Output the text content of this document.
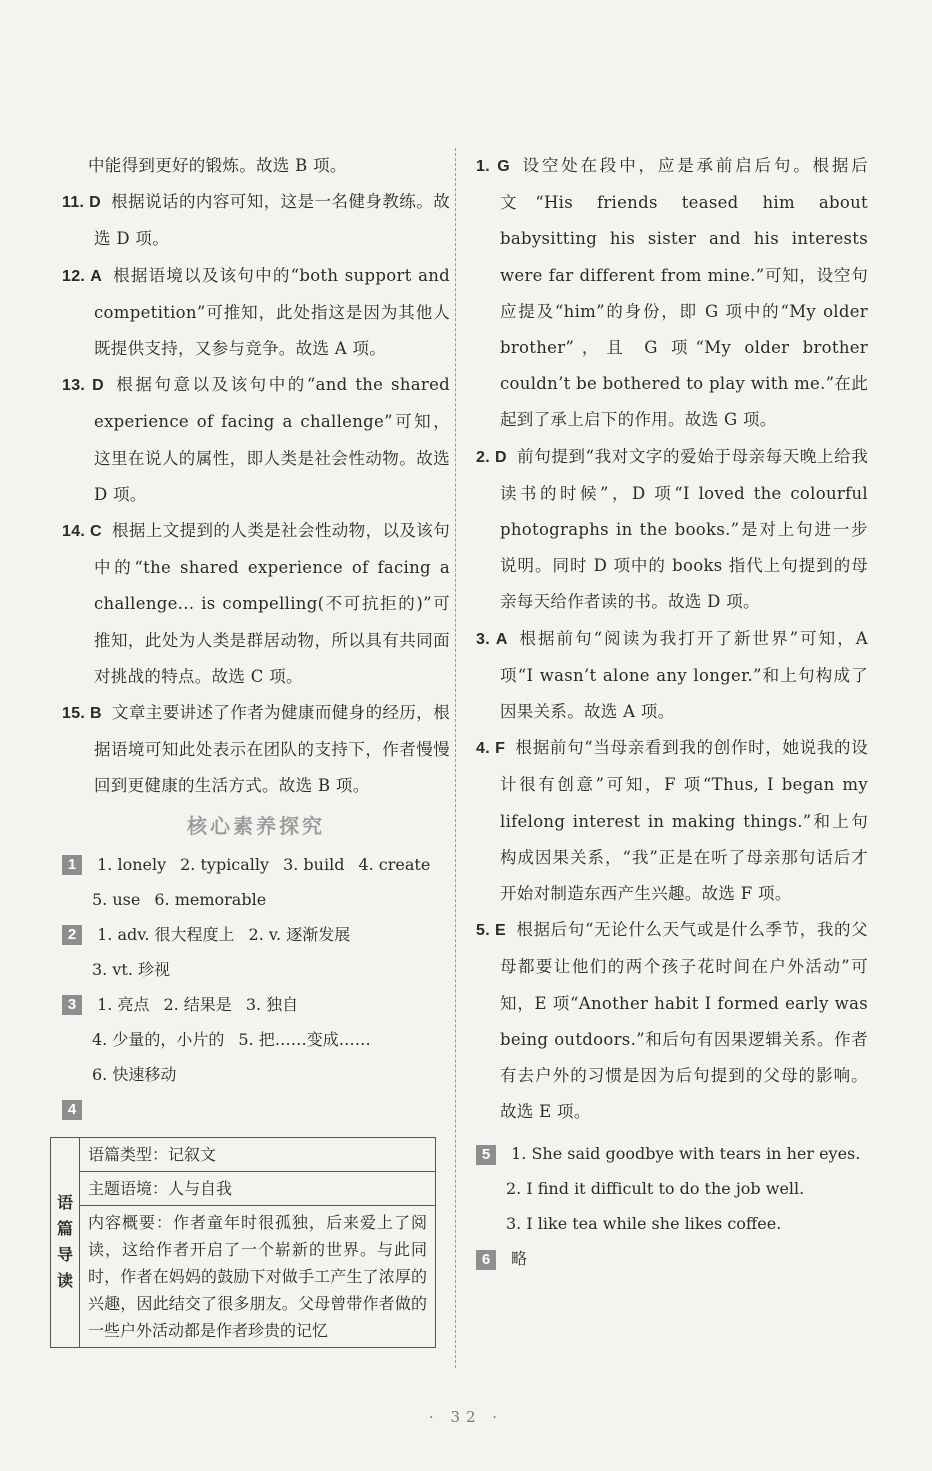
中能得到更好的锻炼。故选 B 项。
11. D 根据说话的内容可知，这是一名健身教练。故选 D 项。
12. A 根据语境以及该句中的“both support and competition”可推知，此处指这是因为其他人既提供支持，又参与竞争。故选 A 项。
13. D 根据句意以及该句中的“and the shared experience of facing a challenge”可知，这里在说人的属性，即人类是社会性动物。故选 D 项。
14. C 根据上文提到的人类是社会性动物，以及该句中的“the shared experience of facing a challenge... is compelling(不可抗拒的)”可推知，此处为人类是群居动物，所以具有共同面对挑战的特点。故选 C 项。
15. B 文章主要讲述了作者为健康而健身的经历，根据语境可知此处表示在团队的支持下，作者慢慢回到更健康的生活方式。故选 B 项。
核心素养探究
1 1. lonely 2. typically 3. build 4. create
5. use 6. memorable
2 1. adv. 很大程度上 2. v. 逐渐发展
3. vt. 珍视
3 1. 亮点 2. 结果是 3. 独自
4. 少量的，小片的 5. 把……变成……
6. 快速移动
4
语篇导读	语篇类型：记叙文
主题语境：人与自我
内容概要：作者童年时很孤独，后来爱上了阅读，这给作者开启了一个崭新的世界。与此同时，作者在妈妈的鼓励下对做手工产生了浓厚的兴趣，因此结交了很多朋友。父母曾带作者做的一些户外活动都是作者珍贵的记忆
1. G 设空处在段中，应是承前启后句。根据后文“His friends teased him about babysitting his sister and his interests were far different from mine.”可知，设空句应提及“him”的身份，即 G 项中的“My older brother”，且 G 项“My older brother couldn’t be bothered to play with me.”在此起到了承上启下的作用。故选 G 项。
2. D 前句提到“我对文字的爱始于母亲每天晚上给我读书的时候”，D 项“I loved the colourful photographs in the books.”是对上句进一步说明。同时 D 项中的 books 指代上句提到的母亲每天给作者读的书。故选 D 项。
3. A 根据前句“阅读为我打开了新世界”可知，A 项“I wasn’t alone any longer.”和上句构成了因果关系。故选 A 项。
4. F 根据前句“当母亲看到我的创作时，她说我的设计很有创意”可知，F 项“Thus, I began my lifelong interest in making things.”和上句构成因果关系，“我”正是在听了母亲那句话后才开始对制造东西产生兴趣。故选 F 项。
5. E 根据后句“无论什么天气或是什么季节，我的父母都要让他们的两个孩子花时间在户外活动”可知，E 项“Another habit I formed early was being outdoors.”和后句有因果逻辑关系。作者有去户外的习惯是因为后句提到的父母的影响。故选 E 项。
5 1. She said goodbye with tears in her eyes.
2. I find it difficult to do the job well.
3. I like tea while she likes coffee.
6 略
· 32 ·
